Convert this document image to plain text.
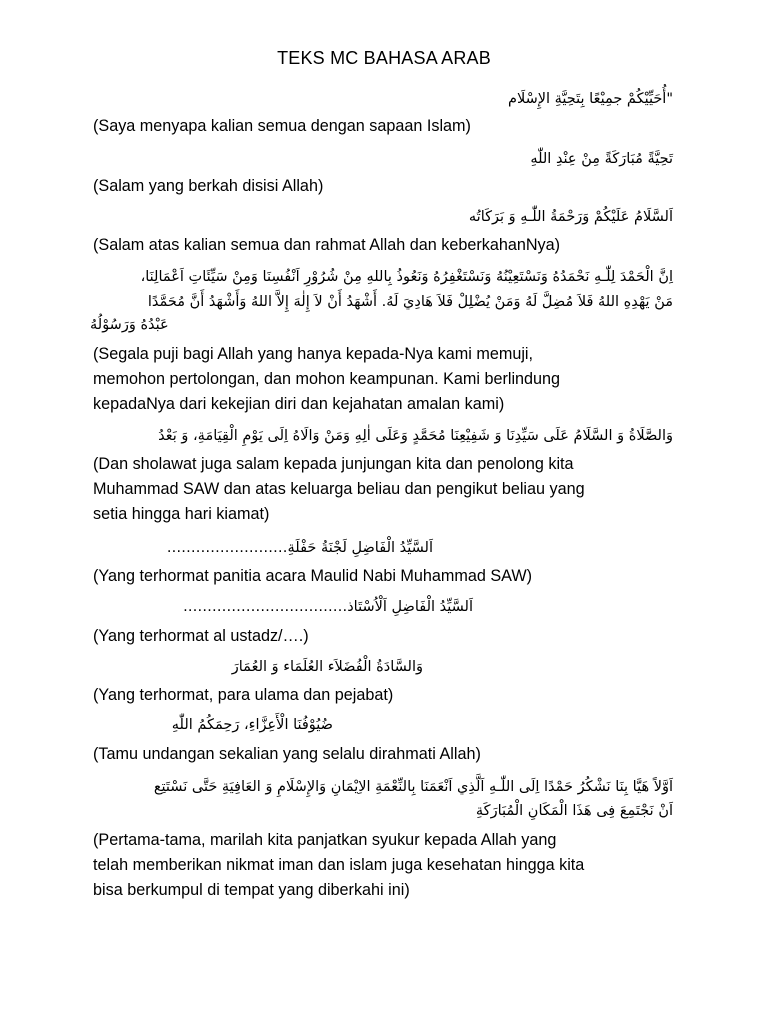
TEKS MC BAHASA ARAB
"أُحَيِّيْكُمْ جمِيْعًا بِتَحِيَّةِ الإِسْلَام
(Saya menyapa kalian semua dengan sapaan Islam)
تَحِيَّةً مُبَارَكَةً مِنْ عِنْدِ اللّٰهِ
(Salam yang berkah disisi Allah)
اَلسَّلَامُ عَلَيْكُمْ وَرَحْمَةُ اللّٰـهِ وَ بَرَكَاتُه
(Salam atas kalian semua dan rahmat Allah dan keberkahanNya)
اِنَّ الْحَمْدَ لِلّٰـهِ نَحْمَدُهُ وَنَسْتَعِيْنُهُ وَنَسْتَغْفِرُهُ وَنَعُوذُ بِاللهِ مِنْ شُرُوْرِ اَنْفُسِنَا وَمِنْ سَيِّئَاتِ اَعْمَالِنَا،
مَنْ يَهْدِهِ اللهُ فَلاَ مُضِلَّ لَهُ وَمَنْ يُضْلِلْ فَلاَ هَادِيَ لَهُ. أَشْهَدُ أَنْ لاَ إِلٰهَ إِلاَّ اللهُ وَأَشْهَدُ أَنَّ مُحَمَّدًا
عَبْدُهُ وَرَسُوْلُهُ
(Segala puji bagi Allah yang hanya kepada-Nya kami memuji,
memohon pertolongan, dan mohon keampunan. Kami berlindung
kepadaNya dari kekejian diri dan kejahatan amalan kami)
وَالصَّلَاةُ وَ السَّلَامُ عَلَى سَيِّدِنَا وَ شَفِيْعِنَا مُحَمَّدٍ وَعَلَى اٰلِهِ وَمَنْ وَالَاهُ اِلَى يَوْمِ الْقِيَامَةِ، وَ بَعْدُ
(Dan sholawat juga salam kepada junjungan kita dan penolong kita
Muhammad SAW dan atas keluarga beliau dan pengikut beliau yang
setia hingga hari kiamat)
اَلسَّيِّدُ الْفَاضِلِ لَجْنَةُ حَفْلَةِ…………………….
(Yang terhormat panitia acara Maulid Nabi Muhammad SAW)
اَلسَّيِّدُ الْفَاضِلِ اَلْاُسْتَاذ…………………………….
(Yang terhormat al ustadz/….)
وَالسَّادَةُ الْفُضَلاَء العُلَمَاء وَ العُمَارَ
(Yang terhormat, para ulama dan pejabat)
ضُيُوْفُنَا الْأَعِزَّاءِ، رَحِمَكُمُ اللّٰهِ
(Tamu undangan sekalian yang selalu dirahmati Allah)
اَوَّلاً هَيَّا بِنَا نَشْكُرُ حَمْدًا اِلَى اللّٰـهِ اَلَّذِي اَنْعَمَنَا بِالنِّعْمَةِ الاِيْمَانِ وَالإِسْلَامِ وَ العَافِيَةِ حَتَّى نَسْتَتِع
اَنْ نَجْتَمِعَ فِى هَذَا الْمَكَانِ الْمُبَارَكَةِ
(Pertama-tama, marilah kita panjatkan syukur kepada Allah yang
telah memberikan nikmat iman dan islam juga kesehatan hingga kita
bisa berkumpul di tempat yang diberkahi ini)
